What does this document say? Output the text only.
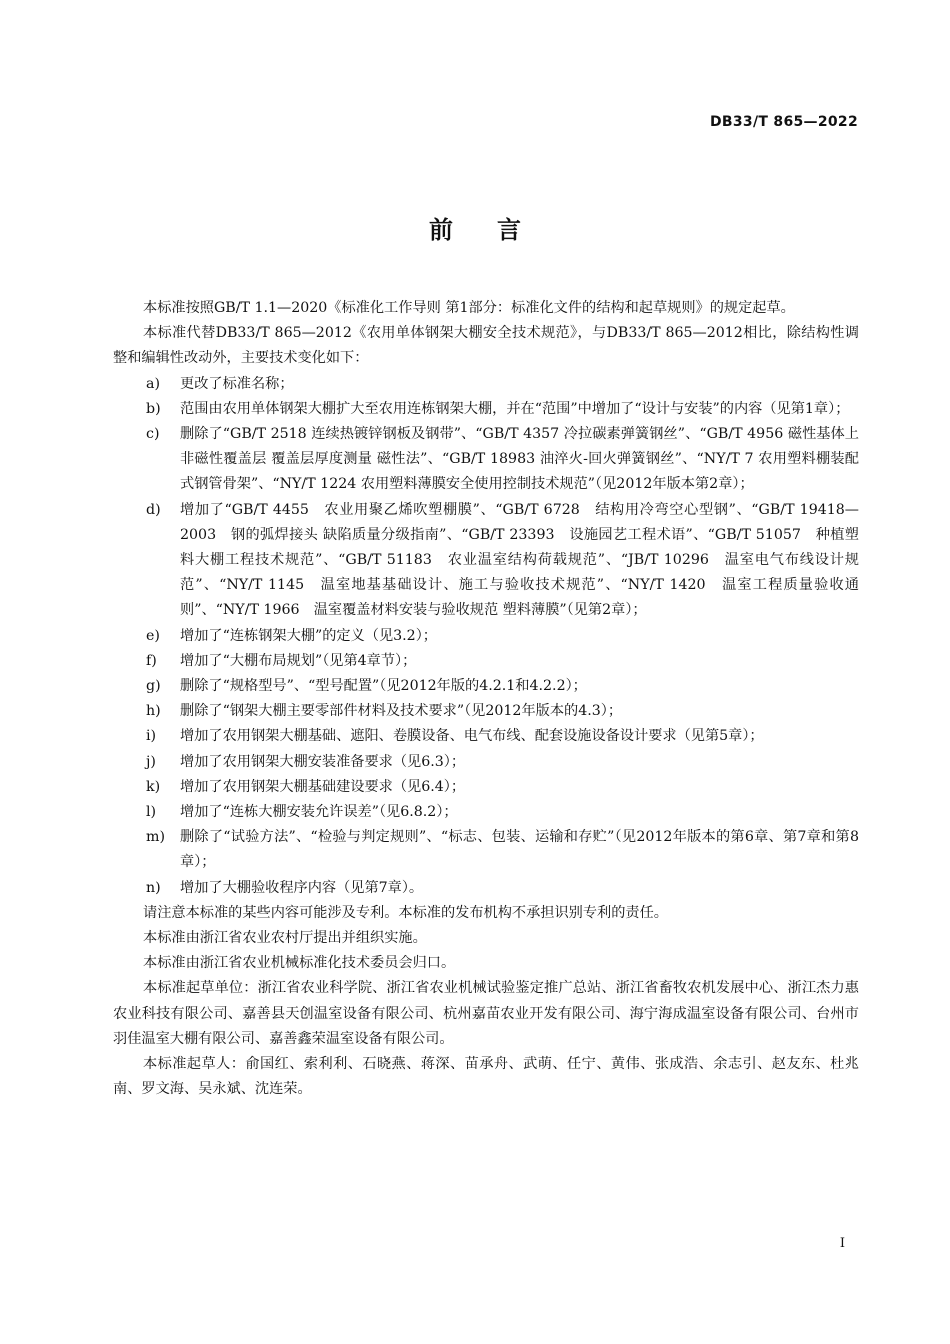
DB33/T 865—2022
前言

本标准按照GB/T 1.1—2020《标准化工作导则 第1部分：标准化文件的结构和起草规则》的规定起草。

本标准代替DB33/T 865—2012《农用单体钢架大棚安全技术规范》，与DB33/T 865—2012相比，除结构性调整和编辑性改动外，主要技术变化如下：

a)	更改了标准名称；
b)	范围由农用单体钢架大棚扩大至农用连栋钢架大棚，并在“范围”中增加了“设计与安装”的内容（见第1章）；
c)	删除了“GB/T 2518 连续热镀锌钢板及钢带”、“GB/T 4357 冷拉碳素弹簧钢丝”、“GB/T 4956 磁性基体上非磁性覆盖层 覆盖层厚度测量 磁性法”、“GB/T 18983 油淬火-回火弹簧钢丝”、“NY/T 7 农用塑料棚装配式钢管骨架”、“NY/T 1224 农用塑料薄膜安全使用控制技术规范”（见2012年版本第2章）；
d)	增加了“GB/T 4455　农业用聚乙烯吹塑棚膜”、“GB/T 6728　结构用冷弯空心型钢”、“GB/T 19418—2003　钢的弧焊接头 缺陷质量分级指南”、“GB/T 23393　设施园艺工程术语”、“GB/T 51057　种植塑料大棚工程技术规范”、“GB/T 51183　农业温室结构荷载规范”、“JB/T 10296　温室电气布线设计规范”、“NY/T 1145　温室地基基础设计、施工与验收技术规范”、“NY/T 1420　温室工程质量验收通则”、“NY/T 1966　温室覆盖材料安装与验收规范 塑料薄膜”（见第2章）；
e)	增加了“连栋钢架大棚”的定义（见3.2）；
f)	增加了“大棚布局规划”（见第4章节）；
g)	删除了“规格型号”、“型号配置”（见2012年版的4.2.1和4.2.2）；
h)	删除了“钢架大棚主要零部件材料及技术要求”（见2012年版本的4.3）；
i)	增加了农用钢架大棚基础、遮阳、卷膜设备、电气布线、配套设施设备设计要求（见第5章）；
j)	增加了农用钢架大棚安装准备要求（见6.3）；
k)	增加了农用钢架大棚基础建设要求（见6.4）；
l)	增加了“连栋大棚安装允许误差”（见6.8.2）；
m)	删除了“试验方法”、“检验与判定规则”、“标志、包装、运输和存贮”（见2012年版本的第6章、第7章和第8章）；
n)	增加了大棚验收程序内容（见第7章）。

请注意本标准的某些内容可能涉及专利。本标准的发布机构不承担识别专利的责任。

本标准由浙江省农业农村厅提出并组织实施。

本标准由浙江省农业机械标准化技术委员会归口。

本标准起草单位：浙江省农业科学院、浙江省农业机械试验鉴定推广总站、浙江省畜牧农机发展中心、浙江杰力惠农业科技有限公司、嘉善县天创温室设备有限公司、杭州嘉苗农业开发有限公司、海宁海成温室设备有限公司、台州市羽佳温室大棚有限公司、嘉善鑫荣温室设备有限公司。

本标准起草人：俞国红、索利利、石晓燕、蒋深、苗承舟、武萌、任宁、黄伟、张成浩、余志引、赵友东、杜兆南、罗文海、吴永斌、沈连荣。

I
